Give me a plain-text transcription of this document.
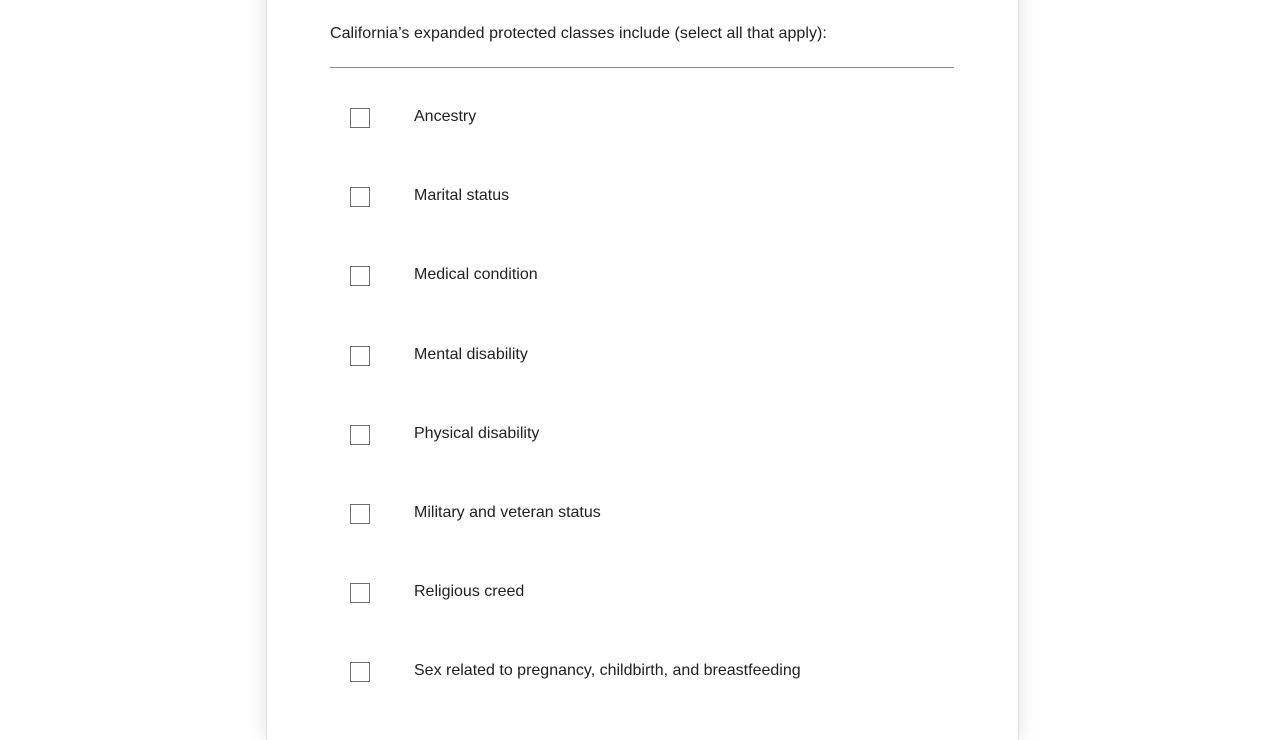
California’s expanded protected classes include (select all that apply):
Ancestry
Marital status
Medical condition
Mental disability
Physical disability
Military and veteran status
Religious creed
Sex related to pregnancy, childbirth, and breastfeeding
